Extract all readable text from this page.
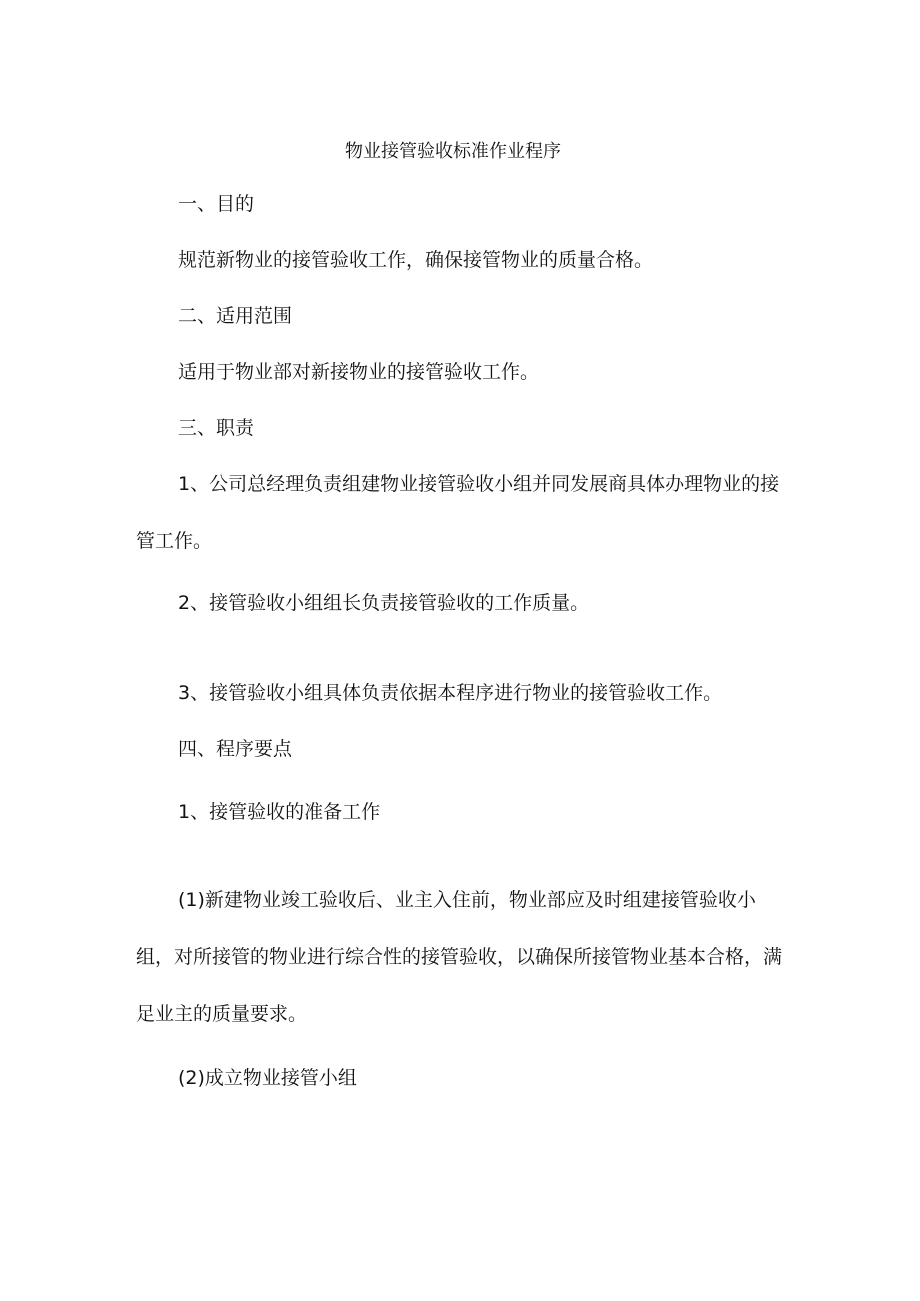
物业接管验收标准作业程序
一、目的
规范新物业的接管验收工作，确保接管物业的质量合格。
二、适用范围
适用于物业部对新接物业的接管验收工作。
三、职责
1、公司总经理负责组建物业接管验收小组并同发展商具体办理物业的接
管工作。
2、接管验收小组组长负责接管验收的工作质量。
3、接管验收小组具体负责依据本程序进行物业的接管验收工作。
四、程序要点
1、接管验收的准备工作
(1)新建物业竣工验收后、业主入住前，物业部应及时组建接管验收小
组，对所接管的物业进行综合性的接管验收，以确保所接管物业基本合格，满
足业主的质量要求。
(2)成立物业接管小组
